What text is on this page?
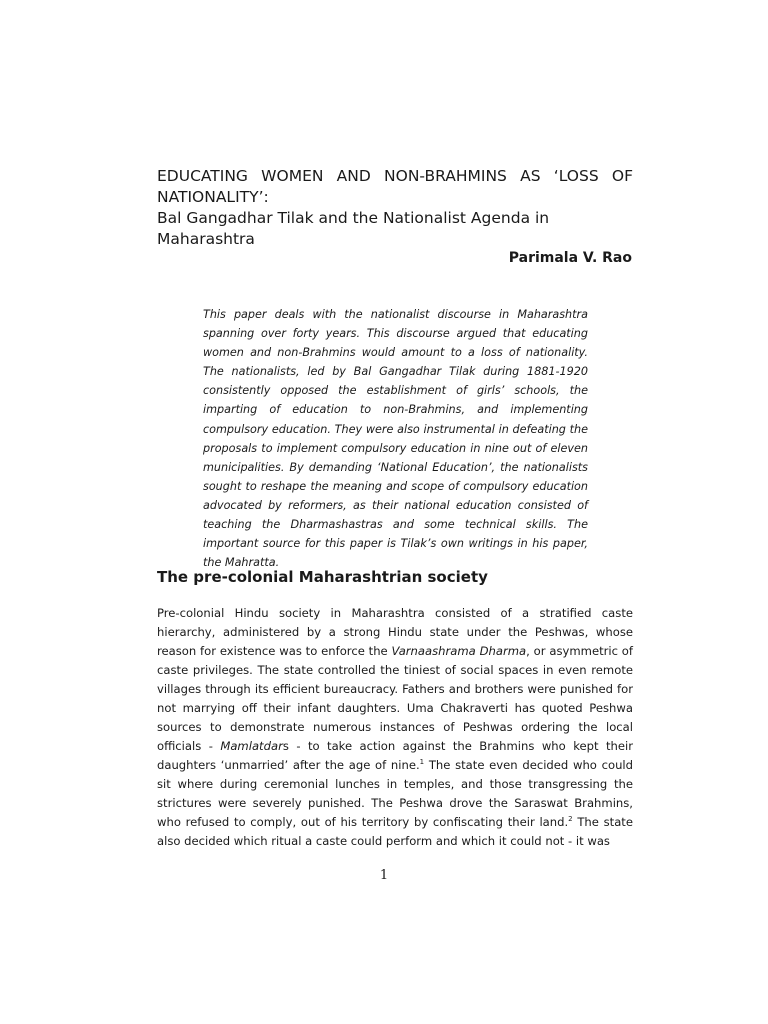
EDUCATING WOMEN AND NON-BRAHMINS AS ‘LOSS OF NATIONALITY’:
Bal Gangadhar Tilak and the Nationalist Agenda in Maharashtra
Parimala V. Rao

This paper deals with the nationalist discourse in Maharashtra spanning over forty years. This discourse argued that educating women and non-Brahmins would amount to a loss of nationality. The nationalists, led by Bal Gangadhar Tilak during 1881-1920 consistently opposed the establishment of girls’ schools, the imparting of education to non-Brahmins, and implementing compulsory education. They were also instrumental in defeating the proposals to implement compulsory education in nine out of eleven municipalities. By demanding ‘National Education’, the nationalists sought to reshape the meaning and scope of compulsory education advocated by reformers, as their national education consisted of teaching the Dharmashastras and some technical skills. The important source for this paper is Tilak’s own writings in his paper, the Mahratta.

The pre-colonial Maharashtrian society

Pre-colonial Hindu society in Maharashtra consisted of a stratified caste hierarchy, administered by a strong Hindu state under the Peshwas, whose reason for existence was to enforce the Varnaashrama Dharma, or asymmetric of caste privileges. The state controlled the tiniest of social spaces in even remote villages through its efficient bureaucracy. Fathers and brothers were punished for not marrying off their infant daughters. Uma Chakraverti has quoted Peshwa sources to demonstrate numerous instances of Peshwas ordering the local officials - Mamlatdars - to take action against the Brahmins who kept their daughters ‘unmarried’ after the age of nine.$^1$ The state even decided who could sit where during ceremonial lunches in temples, and those transgressing the strictures were severely punished. The Peshwa drove the Saraswat Brahmins, who refused to comply, out of his territory by confiscating their land.$^2$ The state also decided which ritual a caste could perform and which it could not - it was

1
